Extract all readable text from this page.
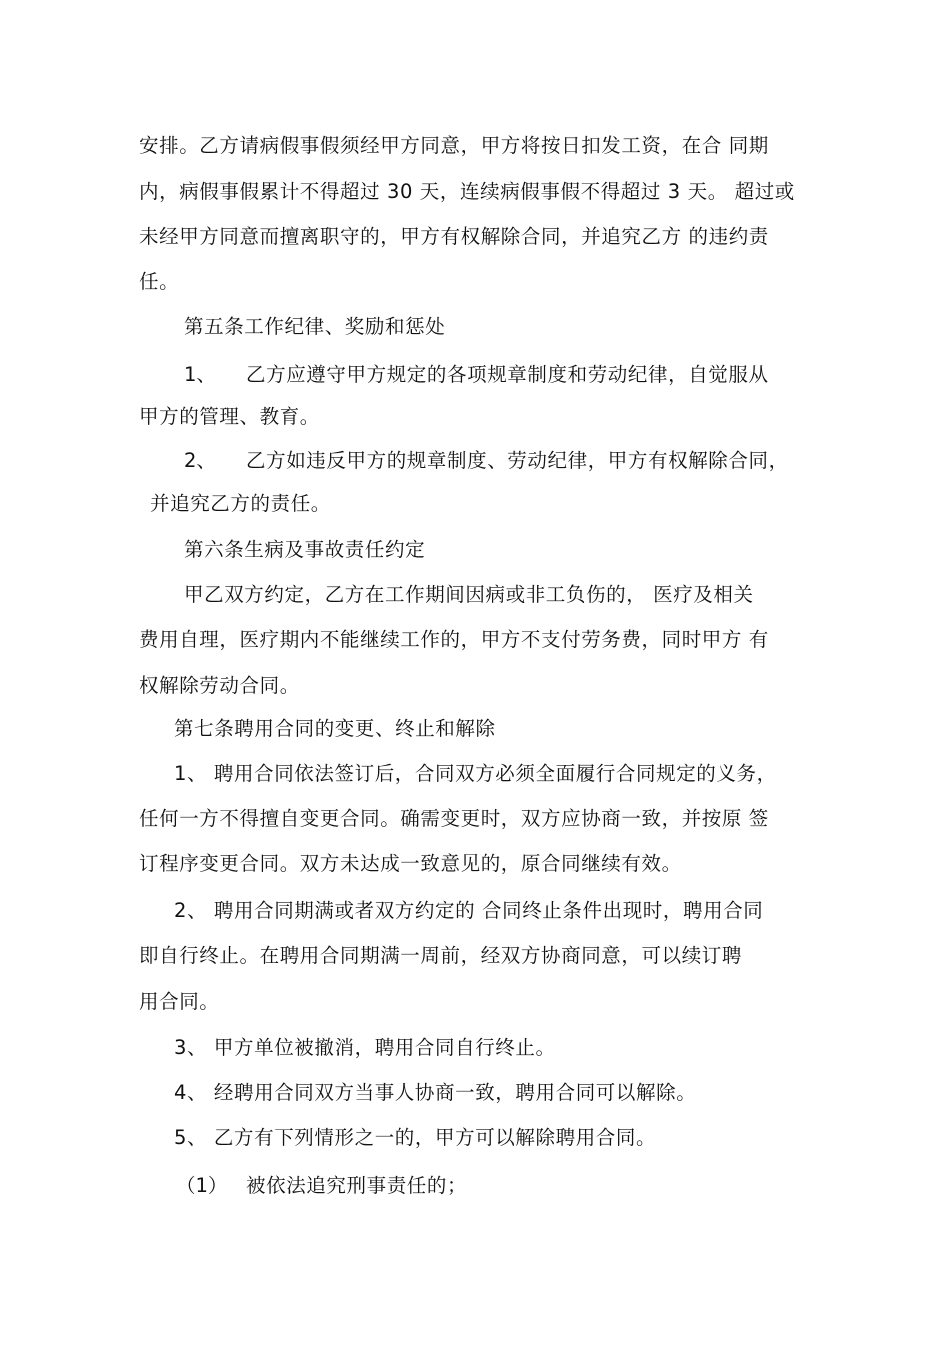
安排。乙方请病假事假须经甲方同意，甲方将按日扣发工资，在合 同期

内，病假事假累计不得超过 30 天，连续病假事假不得超过 3 天。 超过或

未经甲方同意而擅离职守的，甲方有权解除合同，并追究乙方 的违约责

任。

第五条工作纪律、奖励和惩处

1、 乙方应遵守甲方规定的各项规章制度和劳动纪律，自觉服从

甲方的管理、教育。

2、 乙方如违反甲方的规章制度、劳动纪律，甲方有权解除合同，

并追究乙方的责任。

第六条生病及事故责任约定

甲乙双方约定，乙方在工作期间因病或非工负伤的， 医疗及相关

费用自理，医疗期内不能继续工作的，甲方不支付劳务费，同时甲方 有

权解除劳动合同。

第七条聘用合同的变更、终止和解除

1、 聘用合同依法签订后，合同双方必须全面履行合同规定的义务，

任何一方不得擅自变更合同。确需变更时，双方应协商一致，并按原 签

订程序变更合同。双方未达成一致意见的，原合同继续有效。

2、 聘用合同期满或者双方约定的 合同终止条件出现时，聘用合同

即自行终止。在聘用合同期满一周前，经双方协商同意，可以续订聘

用合同。

3、 甲方单位被撤消，聘用合同自行终止。

4、 经聘用合同双方当事人协商一致，聘用合同可以解除。

5、 乙方有下列情形之一的，甲方可以解除聘用合同。

（1） 被依法追究刑事责任的；
